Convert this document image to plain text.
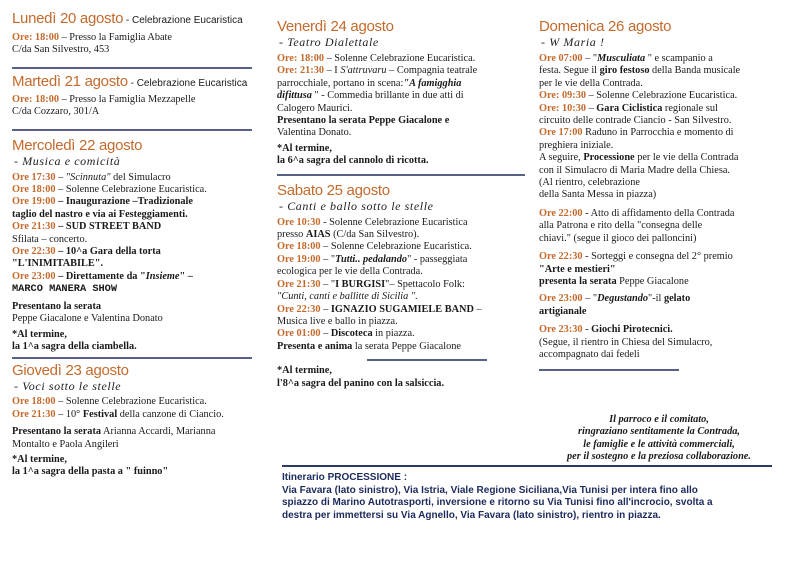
Lunedì 20 agosto - Celebrazione Eucaristica
Ore: 18:00 – Presso la Famiglia Abate
C/da San Silvestro, 453
Martedì 21 agosto - Celebrazione Eucaristica
Ore: 18:00 – Presso la Famiglia Mezzapelle
C/da Cozzaro, 301/A
Mercoledì 22 agosto
- Musica e comicità
Ore 17:30 – "Scinnuta" del Simulacro
Ore 18:00 – Solenne Celebrazione Eucaristica.
Ore 19:00 – Inaugurazione –Tradizionale
taglio del nastro e via ai Festeggiamenti.
Ore 21:30 – SUD STREET BAND
Sfilata – concerto.
Ore 22:30 – 10^a Gara della torta
"L'INIMITABILE".
Ore 23:00 – Direttamente da "Insieme" –
MARCO MANERA SHOW
Presentano la serata
Peppe Giacalone e Valentina Donato
*Al termine,
la 1^a sagra della ciambella.
Giovedì 23 agosto
- Voci sotto le stelle
Ore 18:00 – Solenne Celebrazione Eucaristica.
Ore 21:30 – 10° Festival della canzone di Ciancio.
Presentano la serata Arianna Accardi, Marianna
Montalto e Paola Angileri
*Al termine,
la 1^a sagra della pasta a " fuinno"
Venerdì 24 agosto
- Teatro Dialettale
Ore: 18:00 – Solenne Celebrazione Eucaristica.
Ore: 21:30 – I S'attruvaru – Compagnia teatrale
parrocchiale, portano in scena:"A famigghia
difittusa " - Commedia brillante in due atti di
Calogero Maurici.
Presentano la serata Peppe Giacalone e
Valentina Donato.
*Al termine,
la 6^a sagra del cannolo di ricotta.
Sabato 25 agosto
- Canti e ballo sotto le stelle
Ore 10:30 - Solenne Celebrazione Eucaristica
presso AIAS (C/da San Silvestro).
Ore 18:00 – Solenne Celebrazione Eucaristica.
Ore 19:00 – "Tutti.. pedalando" - passeggiata
ecologica per le vie della Contrada.
Ore 21:30 – "I BURGISI"– Spettacolo Folk:
"Cunti, canti e ballitte di Sicilia ".
Ore 22:30 – IGNAZIO SUGAMIELE BAND –
Musica live e ballo in piazza.
Ore 01:00 – Discoteca in piazza.
Presenta e anima la serata Peppe Giacalone
*Al termine,
l'8^a sagra del panino con la salsiccia.
Domenica 26 agosto
- W Maria !
Ore 07:00 – "Musculiata " e scampanio a
festa. Segue il giro festoso della Banda musicale
per le vie della Contrada.
Ore: 09:30 – Solenne Celebrazione Eucaristica.
Ore: 10:30 – Gara Ciclistica regionale sul
circuito delle contrade Ciancio - San Silvestro.
Ore 17:00 Raduno in Parrocchia e momento di
preghiera iniziale.
A seguire, Processione per le vie della Contrada
con il Simulacro di Maria Madre della Chiesa.
(Al rientro, celebrazione
della Santa Messa in piazza)
Ore 22:00 - Atto di affidamento della Contrada
alla Patrona e rito della "consegna delle
chiavi." (segue il gioco dei palloncini)
Ore 22:30 - Sorteggi e consegna del 2° premio
"Arte e mestieri"
presenta la serata Peppe Giacalone
Ore 23:00 – "Degustando"-il gelato
artigianale
Ore 23:30 - Giochi Pirotecnici.
(Segue, il rientro in Chiesa del Simulacro,
accompagnato dai fedeli
Il parroco e il comitato,
ringraziano sentitamente la Contrada,
le famiglie e le attività commerciali,
per il sostegno e la preziosa collaborazione.
Itinerario PROCESSIONE :
Via Favara (lato sinistro), Via Istria, Viale Regione Siciliana,Via Tunisi per intera fino allo
spiazzo di Marino Autotrasporti, inversione e ritorno su Via Tunisi fino all'incrocio, svolta a
destra per immettersi su Via Agnello, Via Favara (lato sinistro), rientro in piazza.
